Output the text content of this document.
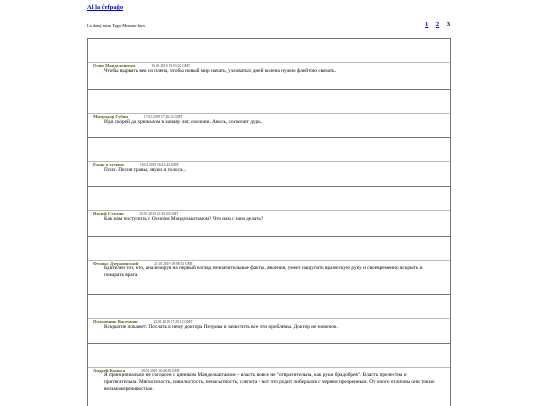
Al la ĉefpaĝo
La datoj estas Tago-Monato-Jaro.	1 2 3
Осип Мандельштам	16.01.2019 19:53:22 GMT
Чтобы вырвать век из плена, чтобы новый мир начать, узловатых дней колена нужно флейтою связать.
Митродор Губин	17.01.2019 17:26:12 GMT
Иди скорей да хрюкалом в канаву ляг, охолони. Авось, сосвочит дурь.
Ёжик в тумане	18.01.2019 16:41:44 GMT
Псих. Песня травы, звуки и голоса...
Иосиф Сталин	20.01.2019 21:45:50 GMT
Как нам поступить с Осипом Мандельштамом? Что нам с ним делать?
Феликс Дзержинский	21.01.2019 19:08:13 GMT
Бдителен тот, кто, анализируя на первый взгляд незначительные факты, явления, умеет нащупать вражескую руку и своевременно вскрыть и покарать врага.
Полковник Васечкин	22.01.2019 17:29:12 GMT
Вскрытие покажет. Послать к нему доктора Петрова и зачистить все эти проблемы. Доктор не новичок.
Андрей Комиса	29.01.2019 18:28:28 GMT
Я принципиально не согласен с циником Мандельштамом – власть вовсе не "отвратительна, как руки брадобрея". Власть прелестна и притягательна. Мягкотелость, извилистость, ненасытность, слепота - вот что родит либералов с червем презренным. От оного отличны они токмо вельможеречивостью.
